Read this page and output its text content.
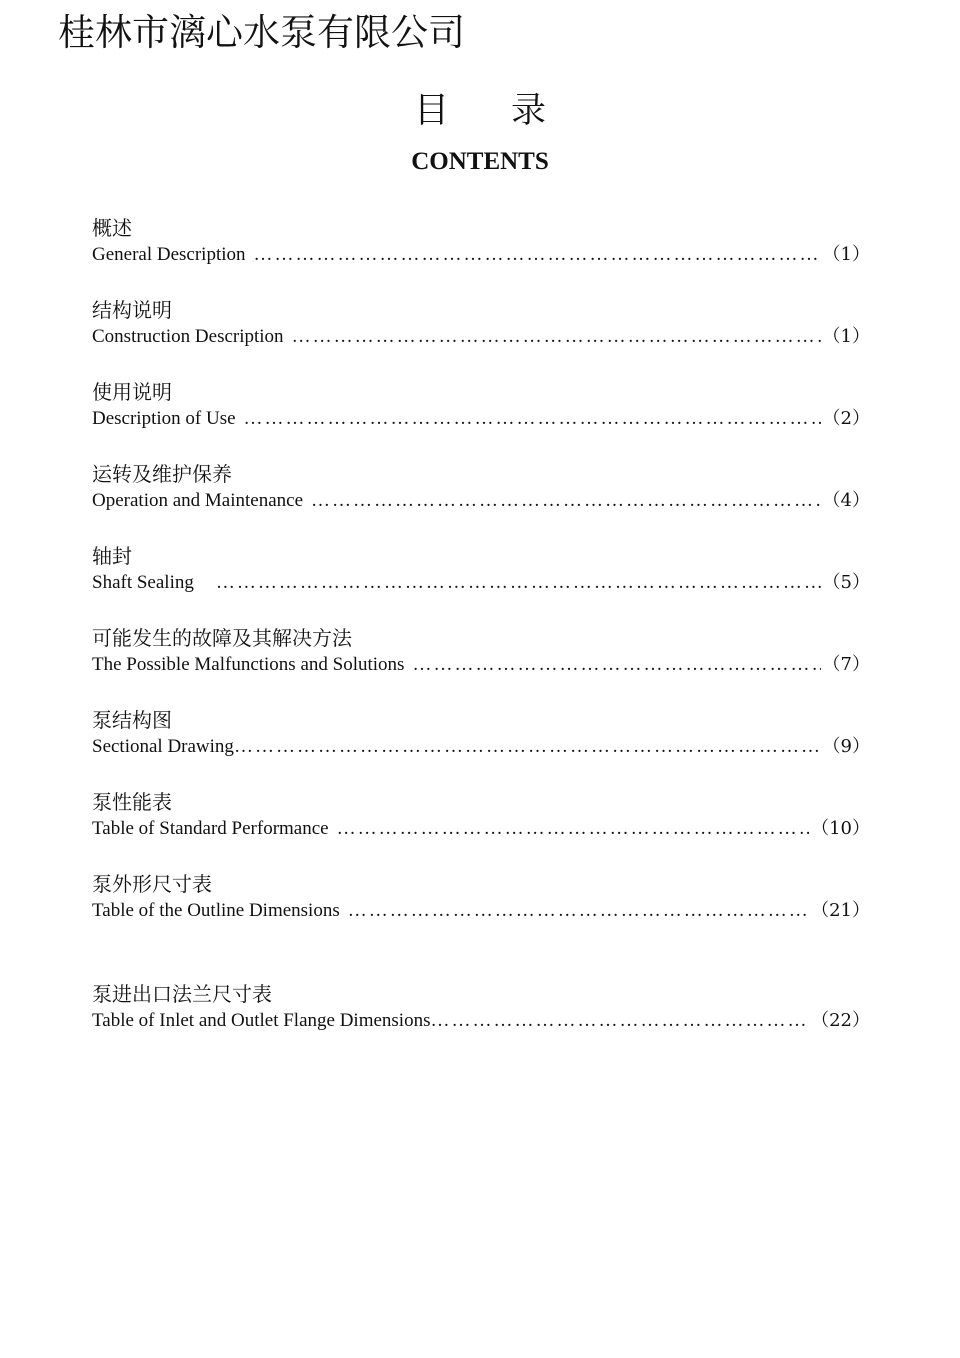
桂林市漓心水泵有限公司
目 录
CONTENTS
概述
General Description ……………………………………………………………………………………………………………………………………………………	（1）
结构说明
Construction Description ……………………………………………………………………………………………………………………………………………………	（1）
使用说明
Description of Use ……………………………………………………………………………………………………………………………………………………	（2）
运转及维护保养
Operation and Maintenance ……………………………………………………………………………………………………………………………………………………	（4）
轴封
Shaft Sealing ……………………………………………………………………………………………………………………………………………………	（5）
可能发生的故障及其解决方法
The Possible Malfunctions and Solutions ……………………………………………………………………………………………………………………………………………………	（7）
泵结构图
Sectional Drawing ……………………………………………………………………………………………………………………………………………………	（9）
泵性能表
Table of Standard Performance ……………………………………………………………………………………………………………………………………………………	（10）
泵外形尺寸表
Table of the Outline Dimensions ……………………………………………………………………………………………………………………………………………………	（21）
泵进出口法兰尺寸表
Table of Inlet and Outlet Flange Dimensions ……………………………………………………………………………………………………………………………………………………	（22）
